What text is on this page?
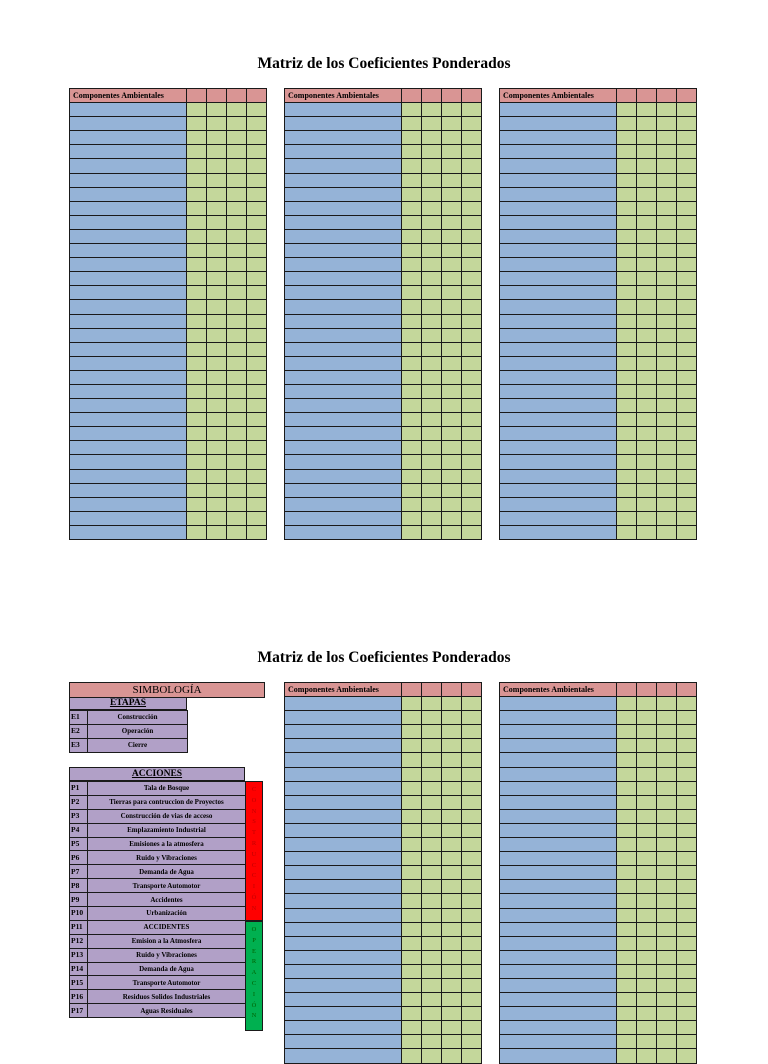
Matriz de los Coeficientes Ponderados
Componentes Ambientales				

					Componentes Ambientales				

					Componentes Ambientales				

Matriz de los Coeficientes Ponderados
SIMBOLOGÍA
ETAPAS
E1	Construcción
E2	Operación
E3	Cierre
ACCIONES
P1	Tala de Bosque
P2	Tierras para contruccion de Proyectos
P3	Construcción de vias de acceso
P4	Emplazamiento Industrial
P5	Emisiones a la atmosfera
P6	Ruido y Vibraciones
P7	Demanda de Agua
P8	Transporte Automotor
P9	Accidentes
P10	Urbanización
P11	ACCIDENTES
P12	Emision a la Atmosfera
P13	Ruido y Vibraciones
P14	Demanda de Agua
P15	Transporte Automotor
P16	Residuos Solidos Industriales
P17	Aguas Residuales
C
O
N
S
T
R
U
C
C
I
Ó
N
O
P
E
R
A
C
I
Ó
N
Componentes Ambientales				

					Componentes Ambientales				
